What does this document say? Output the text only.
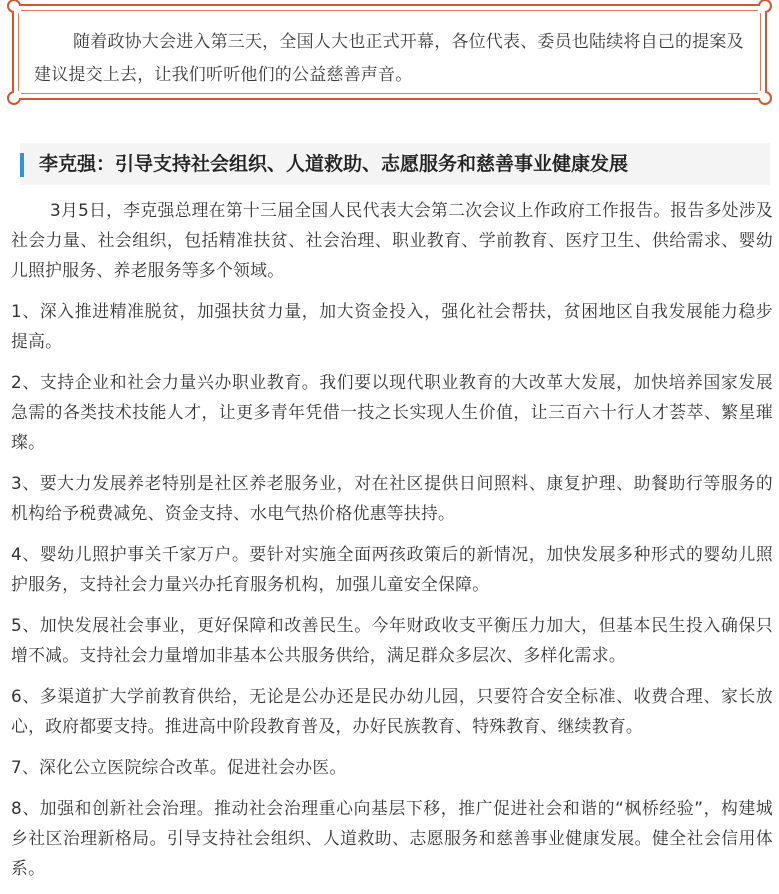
随着政协大会进入第三天，全国人大也正式开幕，各位代表、委员也陆续将自己的提案及建议提交上去，让我们听听他们的公益慈善声音。

李克强：引导支持社会组织、人道救助、志愿服务和慈善事业健康发展

3月5日，李克强总理在第十三届全国人民代表大会第二次会议上作政府工作报告。报告多处涉及社会力量、社会组织，包括精准扶贫、社会治理、职业教育、学前教育、医疗卫生、供给需求、婴幼儿照护服务、养老服务等多个领域。

1、深入推进精准脱贫，加强扶贫力量，加大资金投入，强化社会帮扶，贫困地区自我发展能力稳步提高。

2、支持企业和社会力量兴办职业教育。我们要以现代职业教育的大改革大发展，加快培养国家发展急需的各类技术技能人才，让更多青年凭借一技之长实现人生价值，让三百六十行人才荟萃、繁星璀璨。

3、要大力发展养老特别是社区养老服务业，对在社区提供日间照料、康复护理、助餐助行等服务的机构给予税费减免、资金支持、水电气热价格优惠等扶持。

4、婴幼儿照护事关千家万户。要针对实施全面两孩政策后的新情况，加快发展多种形式的婴幼儿照护服务，支持社会力量兴办托育服务机构，加强儿童安全保障。

5、加快发展社会事业，更好保障和改善民生。今年财政收支平衡压力加大，但基本民生投入确保只增不减。支持社会力量增加非基本公共服务供给，满足群众多层次、多样化需求。

6、多渠道扩大学前教育供给，无论是公办还是民办幼儿园，只要符合安全标准、收费合理、家长放心，政府都要支持。推进高中阶段教育普及，办好民族教育、特殊教育、继续教育。

7、深化公立医院综合改革。促进社会办医。

8、加强和创新社会治理。推动社会治理重心向基层下移，推广促进社会和谐的“枫桥经验”，构建城乡社区治理新格局。引导支持社会组织、人道救助、志愿服务和慈善事业健康发展。健全社会信用体系。
